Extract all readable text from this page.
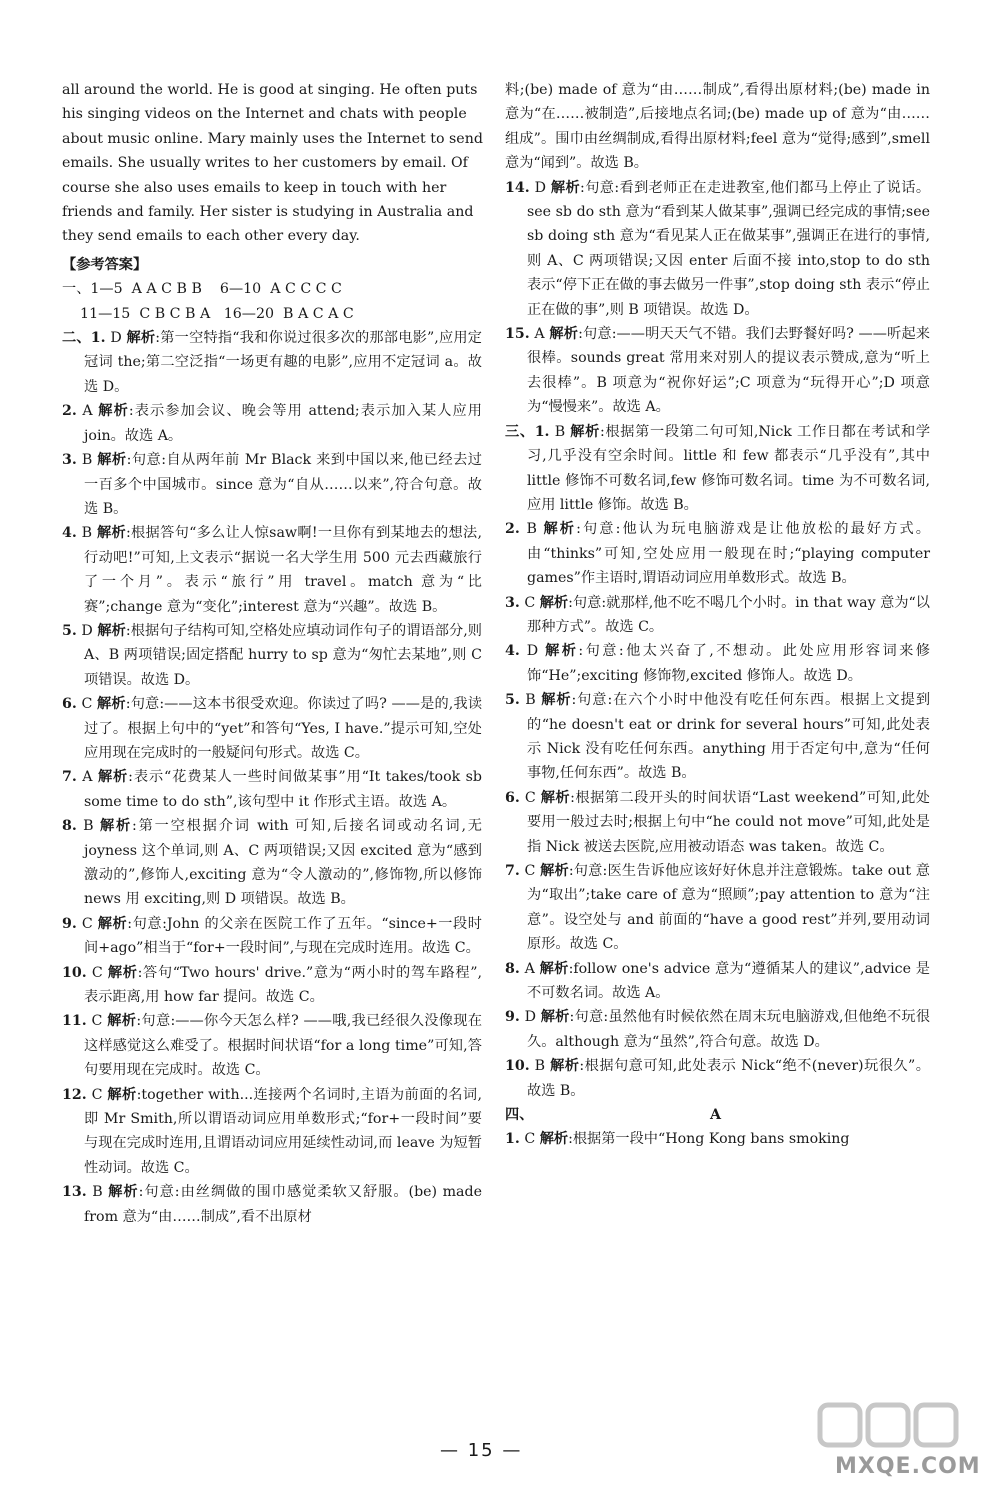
all around the world. He is good at singing. He often puts
his singing videos on the Internet and chats with people
about music online. Mary mainly uses the Internet to send
emails. She usually writes to her customers by email. Of
course she also uses emails to keep in touch with her
friends and family. Her sister is studying in Australia and
they send emails to each other every day.
【参考答案】
一、1—5  A A C B B    6—10  A C C C C
11—15  C B C B A   16—20  B A C A C

二、1. D 解析:第一空特指“我和你说过很多次的那部电影”,应用定冠词 the;第二空泛指“一场更有趣的电影”,应用不定冠词 a。故选 D。

2. A 解析:表示参加会议、晚会等用 attend;表示加入某人应用 join。故选 A。

3. B 解析:句意:自从两年前 Mr Black 来到中国以来,他已经去过一百多个中国城市。since 意为“自从……以来”,符合句意。故选 B。

4. B 解析:根据答句“多么让人惊saw啊!一旦你有到某地去的想法,行动吧!”可知,上文表示“据说一名大学生用 500 元去西藏旅行了一个月”。表示“旅行”用 travel。match 意为“比赛”;change 意为“变化”;interest 意为“兴趣”。故选 B。

5. D 解析:根据句子结构可知,空格处应填动词作句子的谓语部分,则 A、B 两项错误;固定搭配 hurry to sp 意为“匆忙去某地”,则 C 项错误。故选 D。

6. C 解析:句意:——这本书很受欢迎。你读过了吗? ——是的,我读过了。根据上句中的“yet”和答句“Yes, I have.”提示可知,空处应用现在完成时的一般疑问句形式。故选 C。

7. A 解析:表示“花费某人一些时间做某事”用“It takes/took sb some time to do sth”,该句型中 it 作形式主语。故选 A。

8. B 解析:第一空根据介词 with 可知,后接名词或动名词,无 joyness 这个单词,则 A、C 两项错误;又因 excited 意为“感到激动的”,修饰人,exciting 意为“令人激动的”,修饰物,所以修饰 news 用 exciting,则 D 项错误。故选 B。

9. C 解析:句意:John 的父亲在医院工作了五年。“since+一段时间+ago”相当于“for+一段时间”,与现在完成时连用。故选 C。

10. C 解析:答句“Two hours' drive.”意为“两小时的驾车路程”,表示距离,用 how far 提问。故选 C。

11. C 解析:句意:——你今天怎么样? ——哦,我已经很久没像现在这样感觉这么难受了。根据时间状语“for a long time”可知,答句要用现在完成时。故选 C。

12. C 解析:together with...连接两个名词时,主语为前面的名词,即 Mr Smith,所以谓语动词应用单数形式;“for+一段时间”要与现在完成时连用,且谓语动词应用延续性动词,而 leave 为短暂性动词。故选 C。

13. B 解析:句意:由丝绸做的围巾感觉柔软又舒服。(be) made from 意为“由……制成”,看不出原材

料;(be) made of 意为“由……制成”,看得出原材料;(be) made in 意为“在……被制造”,后接地点名词;(be) made up of 意为“由……组成”。围巾由丝绸制成,看得出原材料;feel 意为“觉得;感到”,smell 意为“闻到”。故选 B。

14. D 解析:句意:看到老师正在走进教室,他们都马上停止了说话。see sb do sth 意为“看到某人做某事”,强调已经完成的事情;see sb doing sth 意为“看见某人正在做某事”,强调正在进行的事情,则 A、C 两项错误;又因 enter 后面不接 into,stop to do sth 表示“停下正在做的事去做另一件事”,stop doing sth 表示“停止正在做的事”,则 B 项错误。故选 D。

15. A 解析:句意:——明天天气不错。我们去野餐好吗? ——听起来很棒。sounds great 常用来对别人的提议表示赞成,意为“听上去很棒”。B 项意为“祝你好运”;C 项意为“玩得开心”;D 项意为“慢慢来”。故选 A。

三、1. B 解析:根据第一段第二句可知,Nick 工作日都在考试和学习,几乎没有空余时间。little 和 few 都表示“几乎没有”,其中 little 修饰不可数名词,few 修饰可数名词。time 为不可数名词,应用 little 修饰。故选 B。

2. B 解析:句意:他认为玩电脑游戏是让他放松的最好方式。由“thinks”可知,空处应用一般现在时;“playing computer games”作主语时,谓语动词应用单数形式。故选 B。

3. C 解析:句意:就那样,他不吃不喝几个小时。in that way 意为“以那种方式”。故选 C。

4. D 解析:句意:他太兴奋了,不想动。此处应用形容词来修饰“He”;exciting 修饰物,excited 修饰人。故选 D。

5. B 解析:句意:在六个小时中他没有吃任何东西。根据上文提到的“he doesn't eat or drink for several hours”可知,此处表示 Nick 没有吃任何东西。anything 用于否定句中,意为“任何事物,任何东西”。故选 B。

6. C 解析:根据第二段开头的时间状语“Last weekend”可知,此处要用一般过去时;根据上句中“he could not move”可知,此处是指 Nick 被送去医院,应用被动语态 was taken。故选 C。

7. C 解析:句意:医生告诉他应该好好休息并注意锻炼。take out 意为“取出”;take care of 意为“照顾”;pay attention to 意为“注意”。设空处与 and 前面的“have a good rest”并列,要用动词原形。故选 C。

8. A 解析:follow one's advice 意为“遵循某人的建议”,advice 是不可数名词。故选 A。

9. D 解析:句意:虽然他有时候依然在周末玩电脑游戏,但他绝不玩很久。although 意为“虽然”,符合句意。故选 D。

10. B 解析:根据句意可知,此处表示 Nick“绝不(never)玩很久”。故选 B。

四、	A

1. C 解析:根据第一段中“Hong Kong bans smoking

— 15 —
MXQE.COM
